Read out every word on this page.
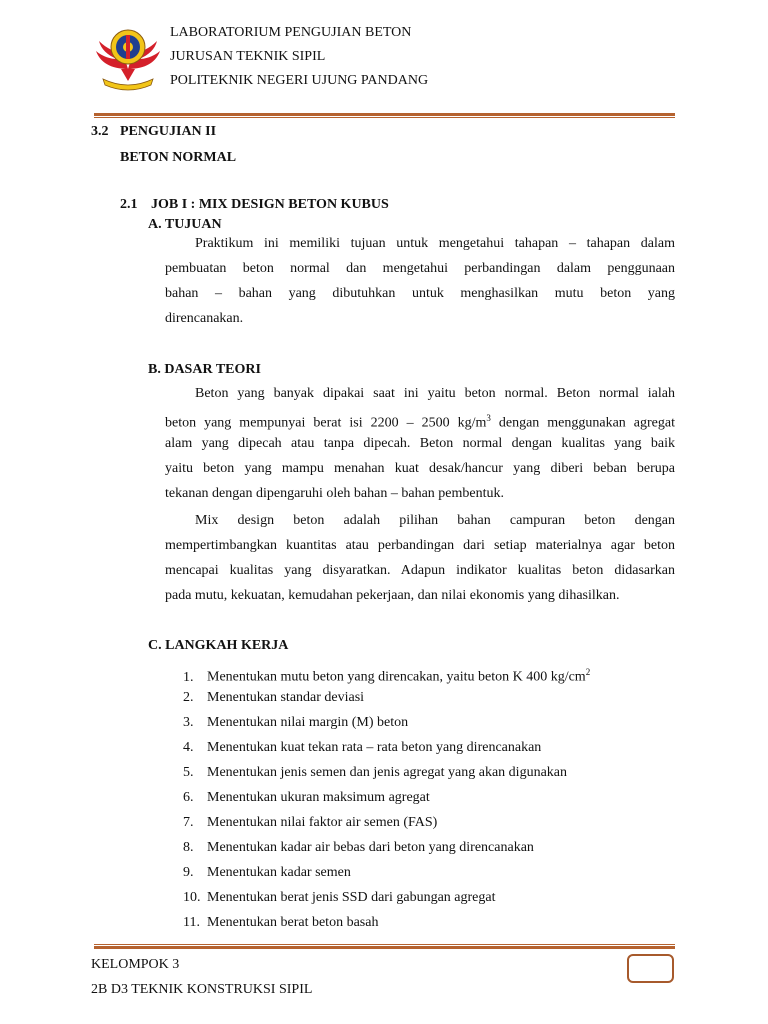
LABORATORIUM PENGUJIAN BETON
JURUSAN TEKNIK SIPIL
POLITEKNIK NEGERI UJUNG PANDANG
3.2 PENGUJIAN II
BETON NORMAL
2.1 JOB I : MIX DESIGN BETON KUBUS
A. TUJUAN
Praktikum ini memiliki tujuan untuk mengetahui tahapan – tahapan dalam
pembuatan beton normal dan mengetahui perbandingan dalam penggunaan
bahan – bahan yang dibutuhkan untuk menghasilkan mutu beton yang
direncanakan.
B. DASAR TEORI
Beton yang banyak dipakai saat ini yaitu beton normal. Beton normal ialah
beton yang mempunyai berat isi 2200 – 2500 $kg/m^3$ dengan menggunakan agregat
alam yang dipecah atau tanpa dipecah. Beton normal dengan kualitas yang baik
yaitu beton yang mampu menahan kuat desak/hancur yang diberi beban berupa
tekanan dengan dipengaruhi oleh bahan – bahan pembentuk.
Mix design beton adalah pilihan bahan campuran beton dengan
mempertimbangkan kuantitas atau perbandingan dari setiap materialnya agar beton
mencapai kualitas yang disyaratkan. Adapun indikator kualitas beton didasarkan
pada mutu, kekuatan, kemudahan pekerjaan, dan nilai ekonomis yang dihasilkan.
C. LANGKAH KERJA
1. Menentukan mutu beton yang direncakan, yaitu beton K 400 $kg/cm^2$
2. Menentukan standar deviasi
3. Menentukan nilai margin (M) beton
4. Menentukan kuat tekan rata – rata beton yang direncanakan
5. Menentukan jenis semen dan jenis agregat yang akan digunakan
6. Menentukan ukuran maksimum agregat
7. Menentukan nilai faktor air semen (FAS)
8. Menentukan kadar air bebas dari beton yang direncanakan
9. Menentukan kadar semen
10. Menentukan berat jenis SSD dari gabungan agregat
11. Menentukan berat beton basah
KELOMPOK 3
2B D3 TEKNIK KONSTRUKSI SIPIL
